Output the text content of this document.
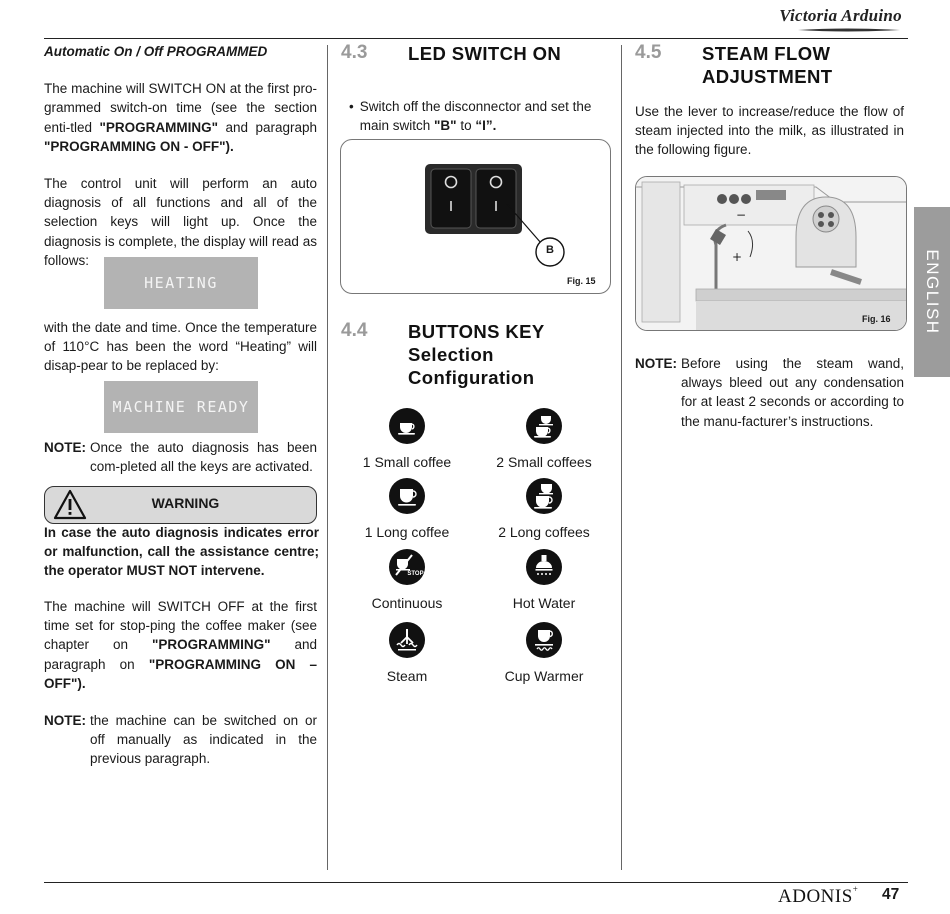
Victoria Arduino
Automatic On / Off PROGRAMMED

The machine will SWITCH ON at the first pro-grammed switch-on time (see the section enti-tled "PROGRAMMING" and paragraph "PROGRAMMING ON - OFF").

The control unit will perform an auto diagnosis of all functions and all of the selection keys will light up. Once the diagnosis is complete, the display will read as follows:

HEATING

with the date and time. Once the temperature of 110°C has been the word “Heating” will disap-pear to be replaced by:

MACHINE READY
NOTE: Once the auto diagnosis has been com-pleted all the keys are activated.
WARNING

In case the auto diagnosis indicates error or malfunction, call the assistance centre; the operator MUST NOT intervene.

The machine will SWITCH OFF at the first time set for stop-ping the coffee maker (see chapter on "PROGRAMMING" and paragraph on "PROGRAMMING ON – OFF").

NOTE: the machine can be switched on or off manually as indicated in the previous paragraph.
4.3 LED SWITCH ON
• Switch off the disconnector and set the main switch "B" to “I”.
B
Fig. 15
4.4 BUTTONS KEY
Selection
Configuration
1 Small coffee	2 Small coffees
1 Long coffee	2 Long coffees
STOP
Continuous	Hot Water
Steam	Cup Warmer
4.5 STEAM FLOW
ADJUSTMENT

Use the lever to increase/reduce the flow of steam injected into the milk, as illustrated in the following figure.

−
+
Fig. 16
NOTE: Before using the steam wand, always bleed out any condensation for at least 2 seconds or according to the manu-facturer’s instructions.
ENGLISH
ADONIS+ 47
